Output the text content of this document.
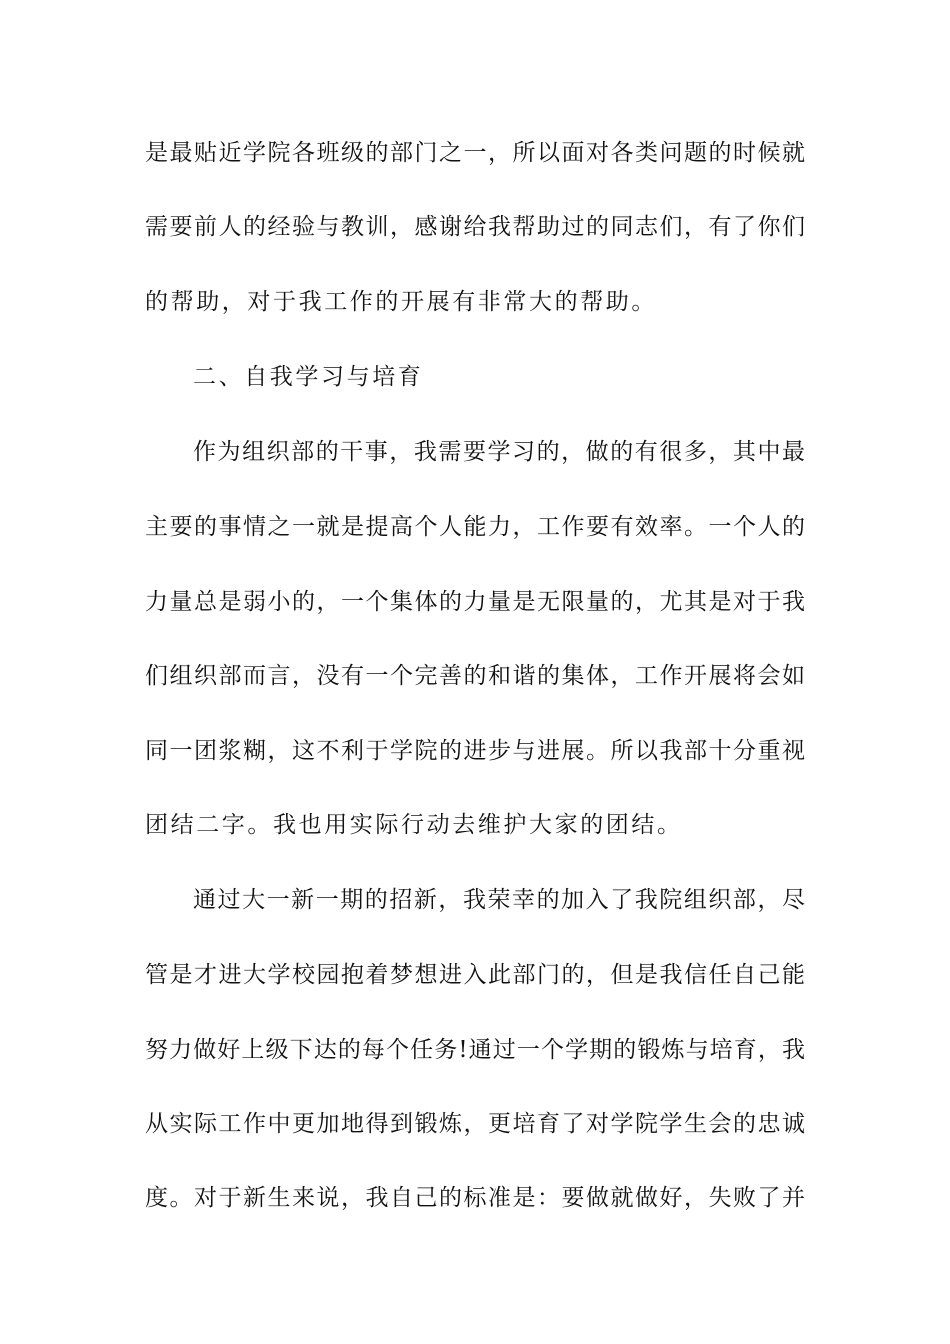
是最贴近学院各班级的部门之一，所以面对各类问题的时候就
需要前人的经验与教训，感谢给我帮助过的同志们，有了你们
的帮助，对于我工作的开展有非常大的帮助。
二、自我学习与培育
作为组织部的干事，我需要学习的，做的有很多，其中最
主要的事情之一就是提高个人能力，工作要有效率。一个人的
力量总是弱小的，一个集体的力量是无限量的，尤其是对于我
们组织部而言，没有一个完善的和谐的集体，工作开展将会如
同一团浆糊，这不利于学院的进步与进展。所以我部十分重视
团结二字。我也用实际行动去维护大家的团结。
通过大一新一期的招新，我荣幸的加入了我院组织部，尽
管是才进大学校园抱着梦想进入此部门的，但是我信任自己能
努力做好上级下达的每个任务!通过一个学期的锻炼与培育，我
从实际工作中更加地得到锻炼，更培育了对学院学生会的忠诚
度。对于新生来说，我自己的标准是：要做就做好，失败了并
